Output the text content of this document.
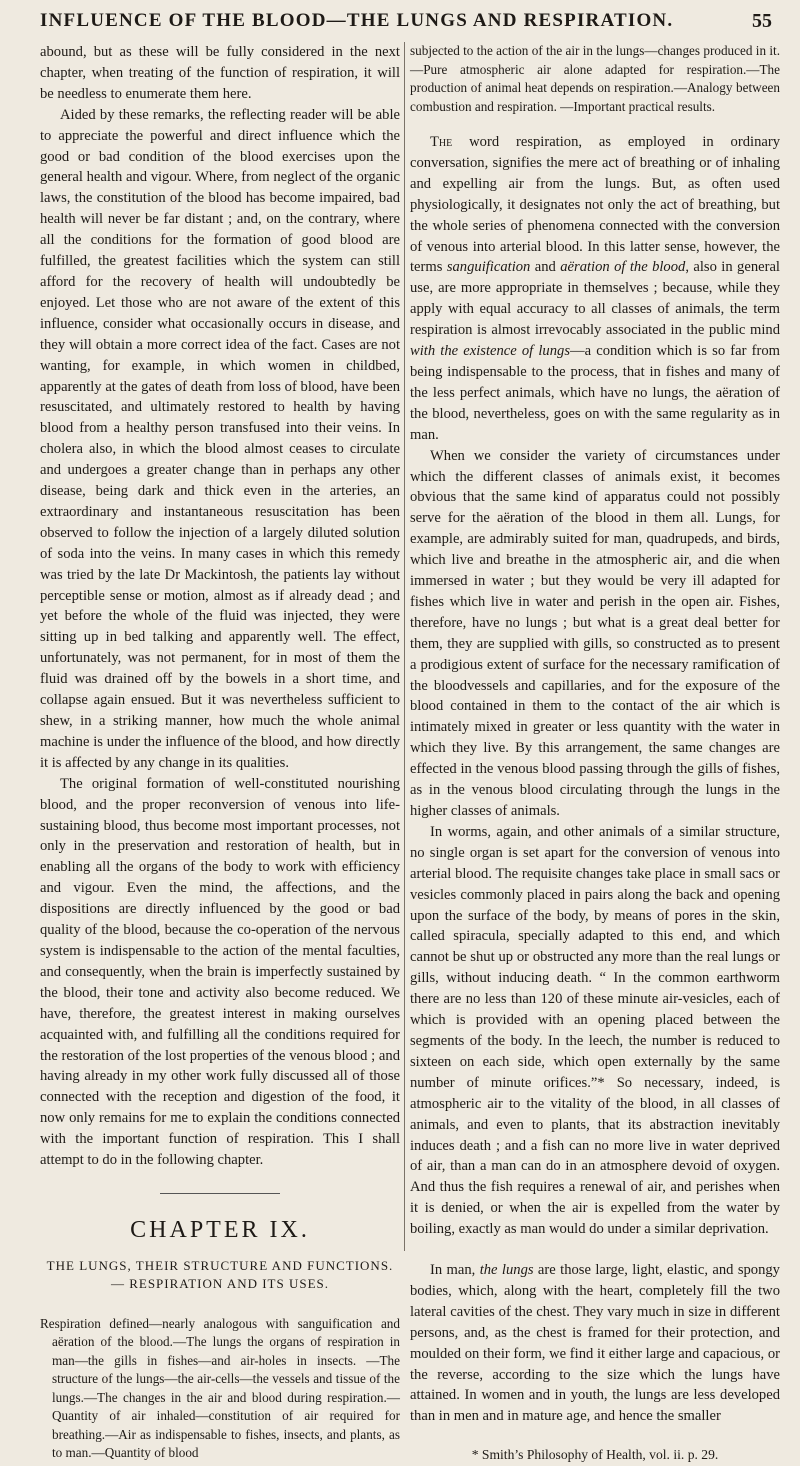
INFLUENCE OF THE BLOOD—THE LUNGS AND RESPIRATION.	55

abound, but as these will be fully considered in the next chapter, when treating of the function of respiration, it will be needless to enumerate them here.

Aided by these remarks, the reflecting reader will be able to appreciate the powerful and direct influence which the good or bad condition of the blood exercises upon the general health and vigour. Where, from neglect of the organic laws, the constitution of the blood has become impaired, bad health will never be far distant ; and, on the contrary, where all the conditions for the formation of good blood are fulfilled, the greatest facilities which the system can still afford for the recovery of health will undoubtedly be enjoyed. Let those who are not aware of the extent of this influence, consider what occasionally occurs in disease, and they will obtain a more correct idea of the fact. Cases are not wanting, for example, in which women in childbed, apparently at the gates of death from loss of blood, have been resuscitated, and ultimately restored to health by having blood from a healthy person transfused into their veins. In cholera also, in which the blood almost ceases to circulate and undergoes a greater change than in perhaps any other disease, being dark and thick even in the arteries, an extraordinary and instantaneous resuscitation has been observed to follow the injection of a largely diluted solution of soda into the veins. In many cases in which this remedy was tried by the late Dr Mackintosh, the patients lay without perceptible sense or motion, almost as if already dead ; and yet before the whole of the fluid was injected, they were sitting up in bed talking and apparently well. The effect, unfortunately, was not permanent, for in most of them the fluid was drained off by the bowels in a short time, and collapse again ensued. But it was nevertheless sufficient to shew, in a striking manner, how much the whole animal machine is under the influence of the blood, and how directly it is affected by any change in its qualities.

The original formation of well-constituted nourishing blood, and the proper reconversion of venous into life-sustaining blood, thus become most important processes, not only in the preservation and restoration of health, but in enabling all the organs of the body to work with efficiency and vigour. Even the mind, the affections, and the dispositions are directly influenced by the good or bad quality of the blood, because the co-operation of the nervous system is indispensable to the action of the mental faculties, and consequently, when the brain is imperfectly sustained by the blood, their tone and activity also become reduced. We have, therefore, the greatest interest in making ourselves acquainted with, and fulfilling all the conditions required for the restoration of the lost properties of the venous blood ; and having already in my other work fully discussed all of those connected with the reception and digestion of the food, it now only remains for me to explain the conditions connected with the important function of respiration. This I shall attempt to do in the following chapter.

CHAPTER IX.

THE LUNGS, THEIR STRUCTURE AND FUNCTIONS.— RESPIRATION AND ITS USES.

Respiration defined—nearly analogous with sanguification and aëration of the blood.—The lungs the organs of respiration in man—the gills in fishes—and air-holes in insects. —The structure of the lungs—the air-cells—the vessels and tissue of the lungs.—The changes in the air and blood during respiration.—Quantity of air inhaled—constitution of air required for breathing.—Air as indispensable to fishes, insects, and plants, as to man.—Quantity of blood

subjected to the action of the air in the lungs—changes produced in it.—Pure atmospheric air alone adapted for respiration.—The production of animal heat depends on respiration.—Analogy between combustion and respiration. —Important practical results.

The word respiration, as employed in ordinary conversation, signifies the mere act of breathing or of inhaling and expelling air from the lungs. But, as often used physiologically, it designates not only the act of breathing, but the whole series of phenomena connected with the conversion of venous into arterial blood. In this latter sense, however, the terms sanguification and aëration of the blood, also in general use, are more appropriate in themselves ; because, while they apply with equal accuracy to all classes of animals, the term respiration is almost irrevocably associated in the public mind with the existence of lungs—a condition which is so far from being indispensable to the process, that in fishes and many of the less perfect animals, which have no lungs, the aëration of the blood, nevertheless, goes on with the same regularity as in man.

When we consider the variety of circumstances under which the different classes of animals exist, it becomes obvious that the same kind of apparatus could not possibly serve for the aëration of the blood in them all. Lungs, for example, are admirably suited for man, quadrupeds, and birds, which live and breathe in the atmospheric air, and die when immersed in water ; but they would be very ill adapted for fishes which live in water and perish in the open air. Fishes, therefore, have no lungs ; but what is a great deal better for them, they are supplied with gills, so constructed as to present a prodigious extent of surface for the necessary ramification of the bloodvessels and capillaries, and for the exposure of the blood contained in them to the contact of the air which is intimately mixed in greater or less quantity with the water in which they live. By this arrangement, the same changes are effected in the venous blood passing through the gills of fishes, as in the venous blood circulating through the lungs in the higher classes of animals.

In worms, again, and other animals of a similar structure, no single organ is set apart for the conversion of venous into arterial blood. The requisite changes take place in small sacs or vesicles commonly placed in pairs along the back and opening upon the surface of the body, by means of pores in the skin, called spiracula, specially adapted to this end, and which cannot be shut up or obstructed any more than the real lungs or gills, without inducing death. “ In the common earthworm there are no less than 120 of these minute air-vesicles, each of which is provided with an opening placed between the segments of the body. In the leech, the number is reduced to sixteen on each side, which open externally by the same number of minute orifices.”* So necessary, indeed, is atmospheric air to the vitality of the blood, in all classes of animals, and even to plants, that its abstraction inevitably induces death ; and a fish can no more live in water deprived of air, than a man can do in an atmosphere devoid of oxygen. And thus the fish requires a renewal of air, and perishes when it is denied, or when the air is expelled from the water by boiling, exactly as man would do under a similar deprivation.

In man, the lungs are those large, light, elastic, and spongy bodies, which, along with the heart, completely fill the two lateral cavities of the chest. They vary much in size in different persons, and, as the chest is framed for their protection, and moulded on their form, we find it either large and capacious, or the reverse, according to the size which the lungs have attained. In women and in youth, the lungs are less developed than in men and in mature age, and hence the smaller

* Smith’s Philosophy of Health, vol. ii. p. 29.
